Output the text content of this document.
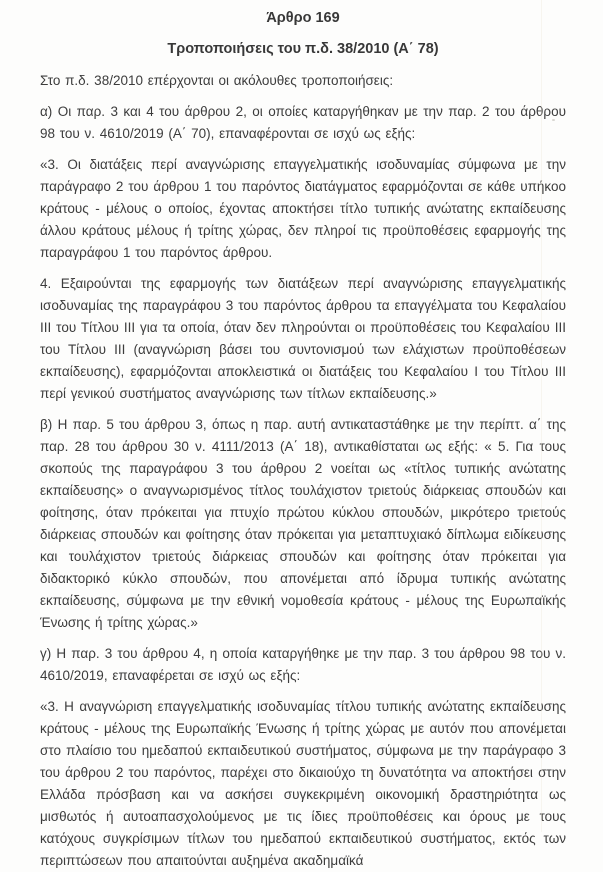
Άρθρο 169
Τροποποιήσεις του π.δ. 38/2010 (Α΄ 78)

Στο π.δ. 38/2010 επέρχονται οι ακόλουθες τροποποιήσεις:

α) Οι παρ. 3 και 4 του άρθρου 2, οι οποίες καταργήθηκαν με την παρ. 2 του άρθρου 98 του ν. 4610/2019 (Α΄ 70), επαναφέρονται σε ισχύ ως εξής:

«3. Οι διατάξεις περί αναγνώρισης επαγγελματικής ισοδυναμίας σύμφωνα με την παράγραφο 2 του άρθρου 1 του παρόντος διατάγματος εφαρμόζονται σε κάθε υπήκοο κράτους - μέλους ο οποίος, έχοντας αποκτήσει τίτλο τυπικής ανώτατης εκπαίδευσης άλλου κράτους μέλους ή τρίτης χώρας, δεν πληροί τις προϋποθέσεις εφαρμογής της παραγράφου 1 του παρόντος άρθρου.

4. Εξαιρούνται της εφαρμογής των διατάξεων περί αναγνώρισης επαγγελματικής ισοδυναμίας της παραγράφου 3 του παρόντος άρθρου τα επαγγέλματα του Κεφαλαίου III του Τίτλου III για τα οποία, όταν δεν πληρούνται οι προϋποθέσεις του Κεφαλαίου III του Τίτλου III (αναγνώριση βάσει του συντονισμού των ελάχιστων προϋποθέσεων εκπαίδευσης), εφαρμόζονται αποκλειστικά οι διατάξεις του Κεφαλαίου I του Τίτλου III περί γενικού συστήματος αναγνώρισης των τίτλων εκπαίδευσης.»

β) Η παρ. 5 του άρθρου 3, όπως η παρ. αυτή αντικαταστάθηκε με την περίπτ. α΄ της παρ. 28 του άρθρου 30 ν. 4111/2013 (Α΄ 18), αντικαθίσταται ως εξής: « 5. Για τους σκοπούς της παραγράφου 3 του άρθρου 2 νοείται ως «τίτλος τυπικής ανώτατης εκπαίδευσης» ο αναγνωρισμένος τίτλος τουλάχιστον τριετούς διάρκειας σπουδών και φοίτησης, όταν πρόκειται για πτυχίο πρώτου κύκλου σπουδών, μικρότερο τριετούς διάρκειας σπουδών και φοίτησης όταν πρόκειται για μεταπτυχιακό δίπλωμα ειδίκευσης και τουλάχιστον τριετούς διάρκειας σπουδών και φοίτησης όταν πρόκειται για διδακτορικό κύκλο σπουδών, που απονέμεται από ίδρυμα τυπικής ανώτατης εκπαίδευσης, σύμφωνα με την εθνική νομοθεσία κράτους - μέλους της Ευρωπαϊκής Ένωσης ή τρίτης χώρας.»

γ) Η παρ. 3 του άρθρου 4, η οποία καταργήθηκε με την παρ. 3 του άρθρου 98 του ν. 4610/2019, επαναφέρεται σε ισχύ ως εξής:

«3. Η αναγνώριση επαγγελματικής ισοδυναμίας τίτλου τυπικής ανώτατης εκπαίδευσης κράτους - μέλους της Ευρωπαϊκής Ένωσης ή τρίτης χώρας με αυτόν που απονέμεται στο πλαίσιο του ημεδαπού εκπαιδευτικού συστήματος, σύμφωνα με την παράγραφο 3 του άρθρου 2 του παρόντος, παρέχει στο δικαιούχο τη δυνατότητα να αποκτήσει στην Ελλάδα πρόσβαση και να ασκήσει συγκεκριμένη οικονομική δραστηριότητα ως μισθωτός ή αυτοαπασχολούμενος με τις ίδιες προϋποθέσεις και όρους με τους κατόχους συγκρίσιμων τίτλων του ημεδαπού εκπαιδευτικού συστήματος, εκτός των περιπτώσεων που απαιτούνται αυξημένα ακαδημαϊκά
